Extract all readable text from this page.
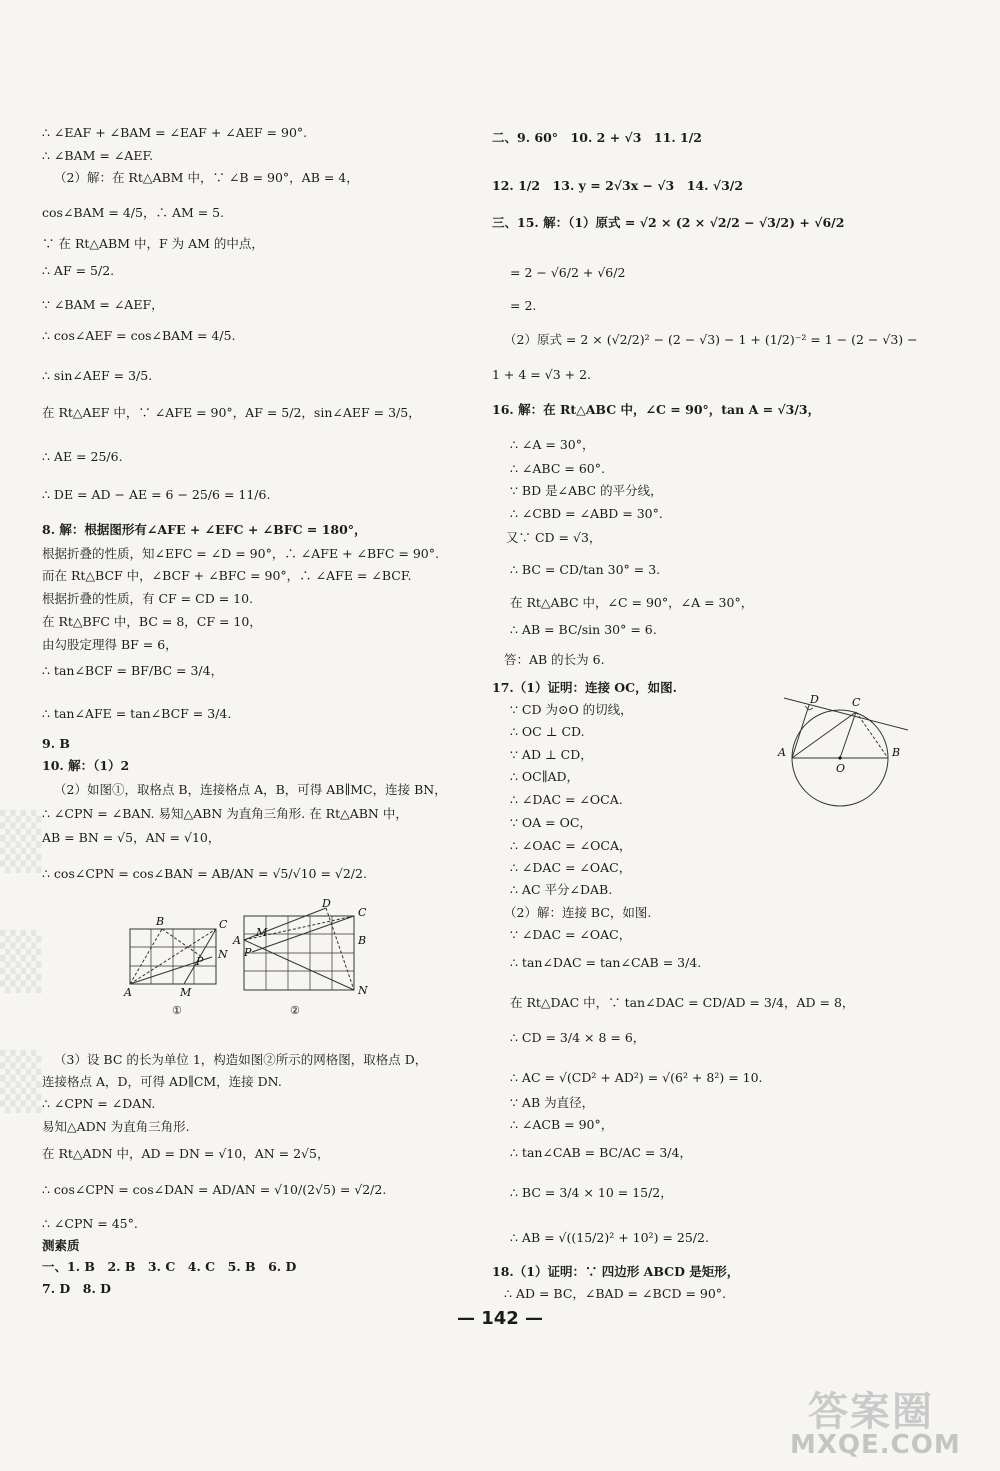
▒
▒
▒
∴ ∠EAF + ∠BAM = ∠EAF + ∠AEF = 90°.
∴ ∠BAM = ∠AEF.
（2）解：在 Rt△ABM 中，∵ ∠B = 90°，AB = 4，
cos∠BAM = 4/5，∴ AM = 5.
∵ 在 Rt△ABM 中，F 为 AM 的中点，
∴ AF = 5/2.
∵ ∠BAM = ∠AEF，
∴ cos∠AEF = cos∠BAM = 4/5.
∴ sin∠AEF = 3/5.
在 Rt△AEF 中，∵ ∠AFE = 90°，AF = 5/2，sin∠AEF = 3/5，
∴ AE = 25/6.
∴ DE = AD − AE = 6 − 25/6 = 11/6.
8. 解：根据图形有∠AFE + ∠EFC + ∠BFC = 180°，
根据折叠的性质，知∠EFC = ∠D = 90°，∴ ∠AFE + ∠BFC = 90°.
而在 Rt△BCF 中，∠BCF + ∠BFC = 90°，∴ ∠AFE = ∠BCF.
根据折叠的性质，有 CF = CD = 10.
在 Rt△BFC 中，BC = 8，CF = 10，
由勾股定理得 BF = 6，
∴ tan∠BCF = BF/BC = 3/4，
∴ tan∠AFE = tan∠BCF = 3/4.
9. B
10. 解：（1）2
（2）如图①，取格点 B，连接格点 A，B，可得 AB∥MC，连接 BN，
∴ ∠CPN = ∠BAN. 易知△ABN 为直角三角形. 在 Rt△ABN 中，
AB = BN = √5，AN = √10，
∴ cos∠CPN = cos∠BAN = AB/AN = √5/√10 = √2/2.
（3）设 BC 的长为单位 1，构造如图②所示的网格图，取格点 D，
连接格点 A，D，可得 AD∥CM，连接 DN.
∴ ∠CPN = ∠DAN.
易知△ADN 为直角三角形.
在 Rt△ADN 中，AD = DN = √10，AN = 2√5，
∴ cos∠CPN = cos∠DAN = AD/AN = √10/(2√5) = √2/2.
∴ ∠CPN = 45°.
测素质
一、1. B　2. B　3. C　4. C　5. B　6. D
7. D　8. D
二、9. 60°　10. 2 + √3　11. 1/2
12. 1/2　13. y = 2√3x − √3　14. √3/2
三、15. 解：（1）原式 = √2 × (2 × √2/2 − √3/2) + √6/2
= 2 − √6/2 + √6/2
= 2.
（2）原式 = 2 × (√2/2)² − (2 − √3) − 1 + (1/2)⁻² = 1 − (2 − √3) −
1 + 4 = √3 + 2.
16. 解：在 Rt△ABC 中，∠C = 90°，tan A = √3/3，
∴ ∠A = 30°，
∴ ∠ABC = 60°.
∵ BD 是∠ABC 的平分线，
∴ ∠CBD = ∠ABD = 30°.
又∵ CD = √3，
∴ BC = CD/tan 30° = 3.
在 Rt△ABC 中，∠C = 90°，∠A = 30°，
∴ AB = BC/sin 30° = 6.
答：AB 的长为 6.
17.（1）证明：连接 OC，如图.
∵ CD 为⊙O 的切线，
∴ OC ⊥ CD.
∵ AD ⊥ CD，
∴ OC∥AD，
∴ ∠DAC = ∠OCA.
∵ OA = OC，
∴ ∠OAC = ∠OCA，
∴ ∠DAC = ∠OAC，
∴ AC 平分∠DAB.
（2）解：连接 BC，如图.
∵ ∠DAC = ∠OAC，
∴ tan∠DAC = tan∠CAB = 3/4.
在 Rt△DAC 中，∵ tan∠DAC = CD/AD = 3/4，AD = 8，
∴ CD = 3/4 × 8 = 6，
∴ AC = √(CD² + AD²) = √(6² + 8²) = 10.
∵ AB 为直径，
∴ ∠ACB = 90°，
∴ tan∠CAB = BC/AC = 3/4，
∴ BC = 3/4 × 10 = 15/2，
∴ AB = √((15/2)² + 10²) = 25/2.
18.（1）证明：∵ 四边形 ABCD 是矩形，
∴ AD = BC，∠BAD = ∠BCD = 90°.
B	C
N
P
A	M
①
D
C
A
M
P
B
N
②
D	C
A
O
B
— 142 —
答案圈
MXQE.COM
